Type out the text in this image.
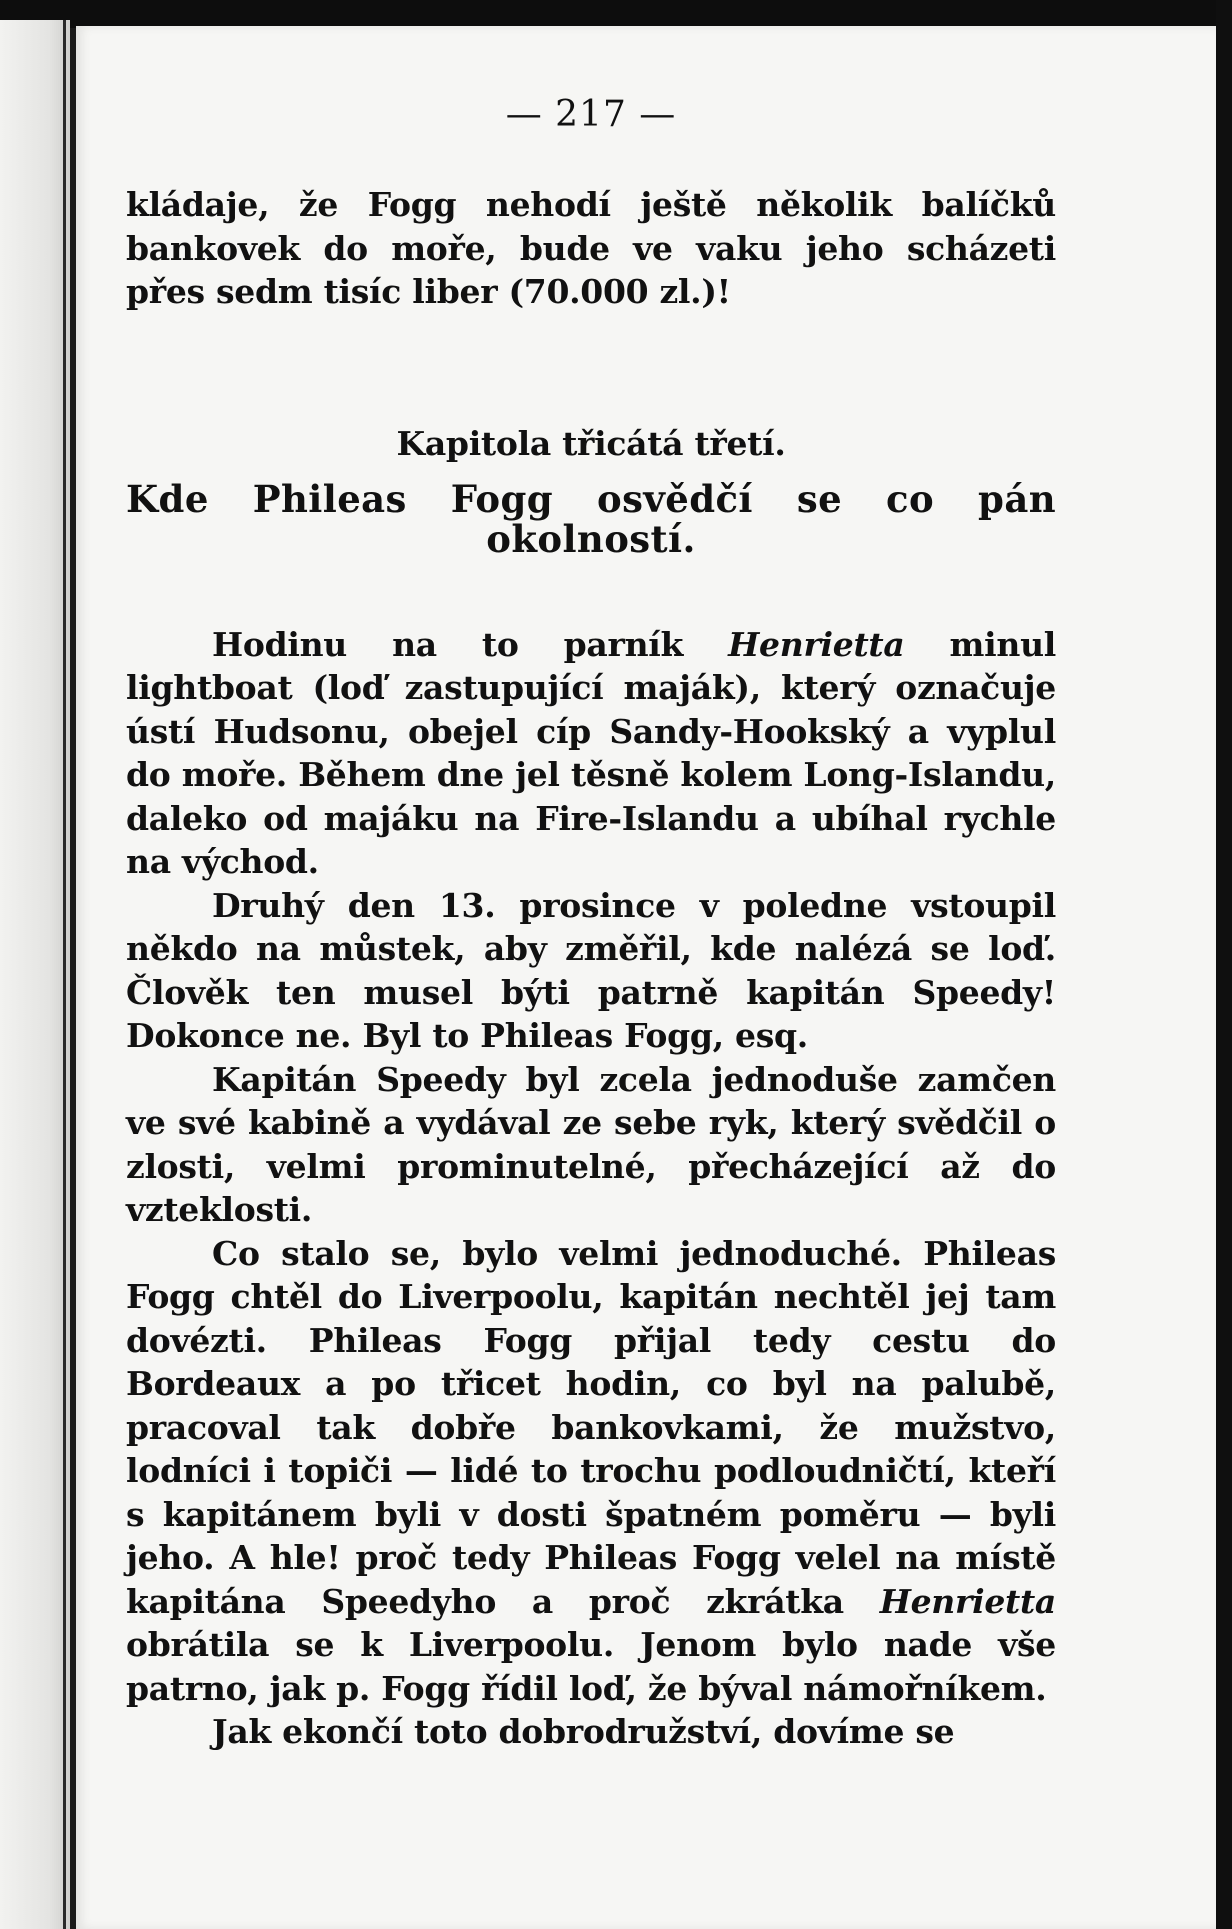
— 217 —

kládaje, že Fogg nehodí ještě několik balíčků bankovek do moře, bude ve vaku jeho scházeti přes sedm tisíc liber (70.000 zl.)!

Kapitola třicátá třetí.
Kde Phileas Fogg osvědčí se co pán okolností.

Hodinu na to parník Henrietta minul lightboat (loď zastupující maják), který označuje ústí Hudsonu, obejel cíp Sandy-Hookský a vyplul do moře. Během dne jel těsně kolem Long-Islandu, daleko od majáku na Fire-Islandu a ubíhal rychle na východ.

Druhý den 13. prosince v poledne vstoupil někdo na můstek, aby změřil, kde nalézá se loď. Člověk ten musel býti patrně kapitán Speedy! Dokonce ne. Byl to Phileas Fogg, esq.

Kapitán Speedy byl zcela jednoduše zamčen ve své kabině a vydával ze sebe ryk, který svědčil o zlosti, velmi prominutelné, přecházející až do vzteklosti.

Co stalo se, bylo velmi jednoduché. Phileas Fogg chtěl do Liverpoolu, kapitán nechtěl jej tam dovézti. Phileas Fogg přijal tedy cestu do Bordeaux a po třicet hodin, co byl na palubě, pracoval tak dobře bankovkami, že mužstvo, lodníci i topiči — lidé to trochu podloudničtí, kteří s kapitánem byli v dosti špatném poměru — byli jeho. A hle! proč tedy Phileas Fogg velel na místě kapitána Speedyho a proč zkrátka Henrietta obrátila se k Liverpoolu. Jenom bylo nade vše patrno, jak p. Fogg řídil loď, že býval námořníkem.

Jak ekončí toto dobrodružství, dovíme se
